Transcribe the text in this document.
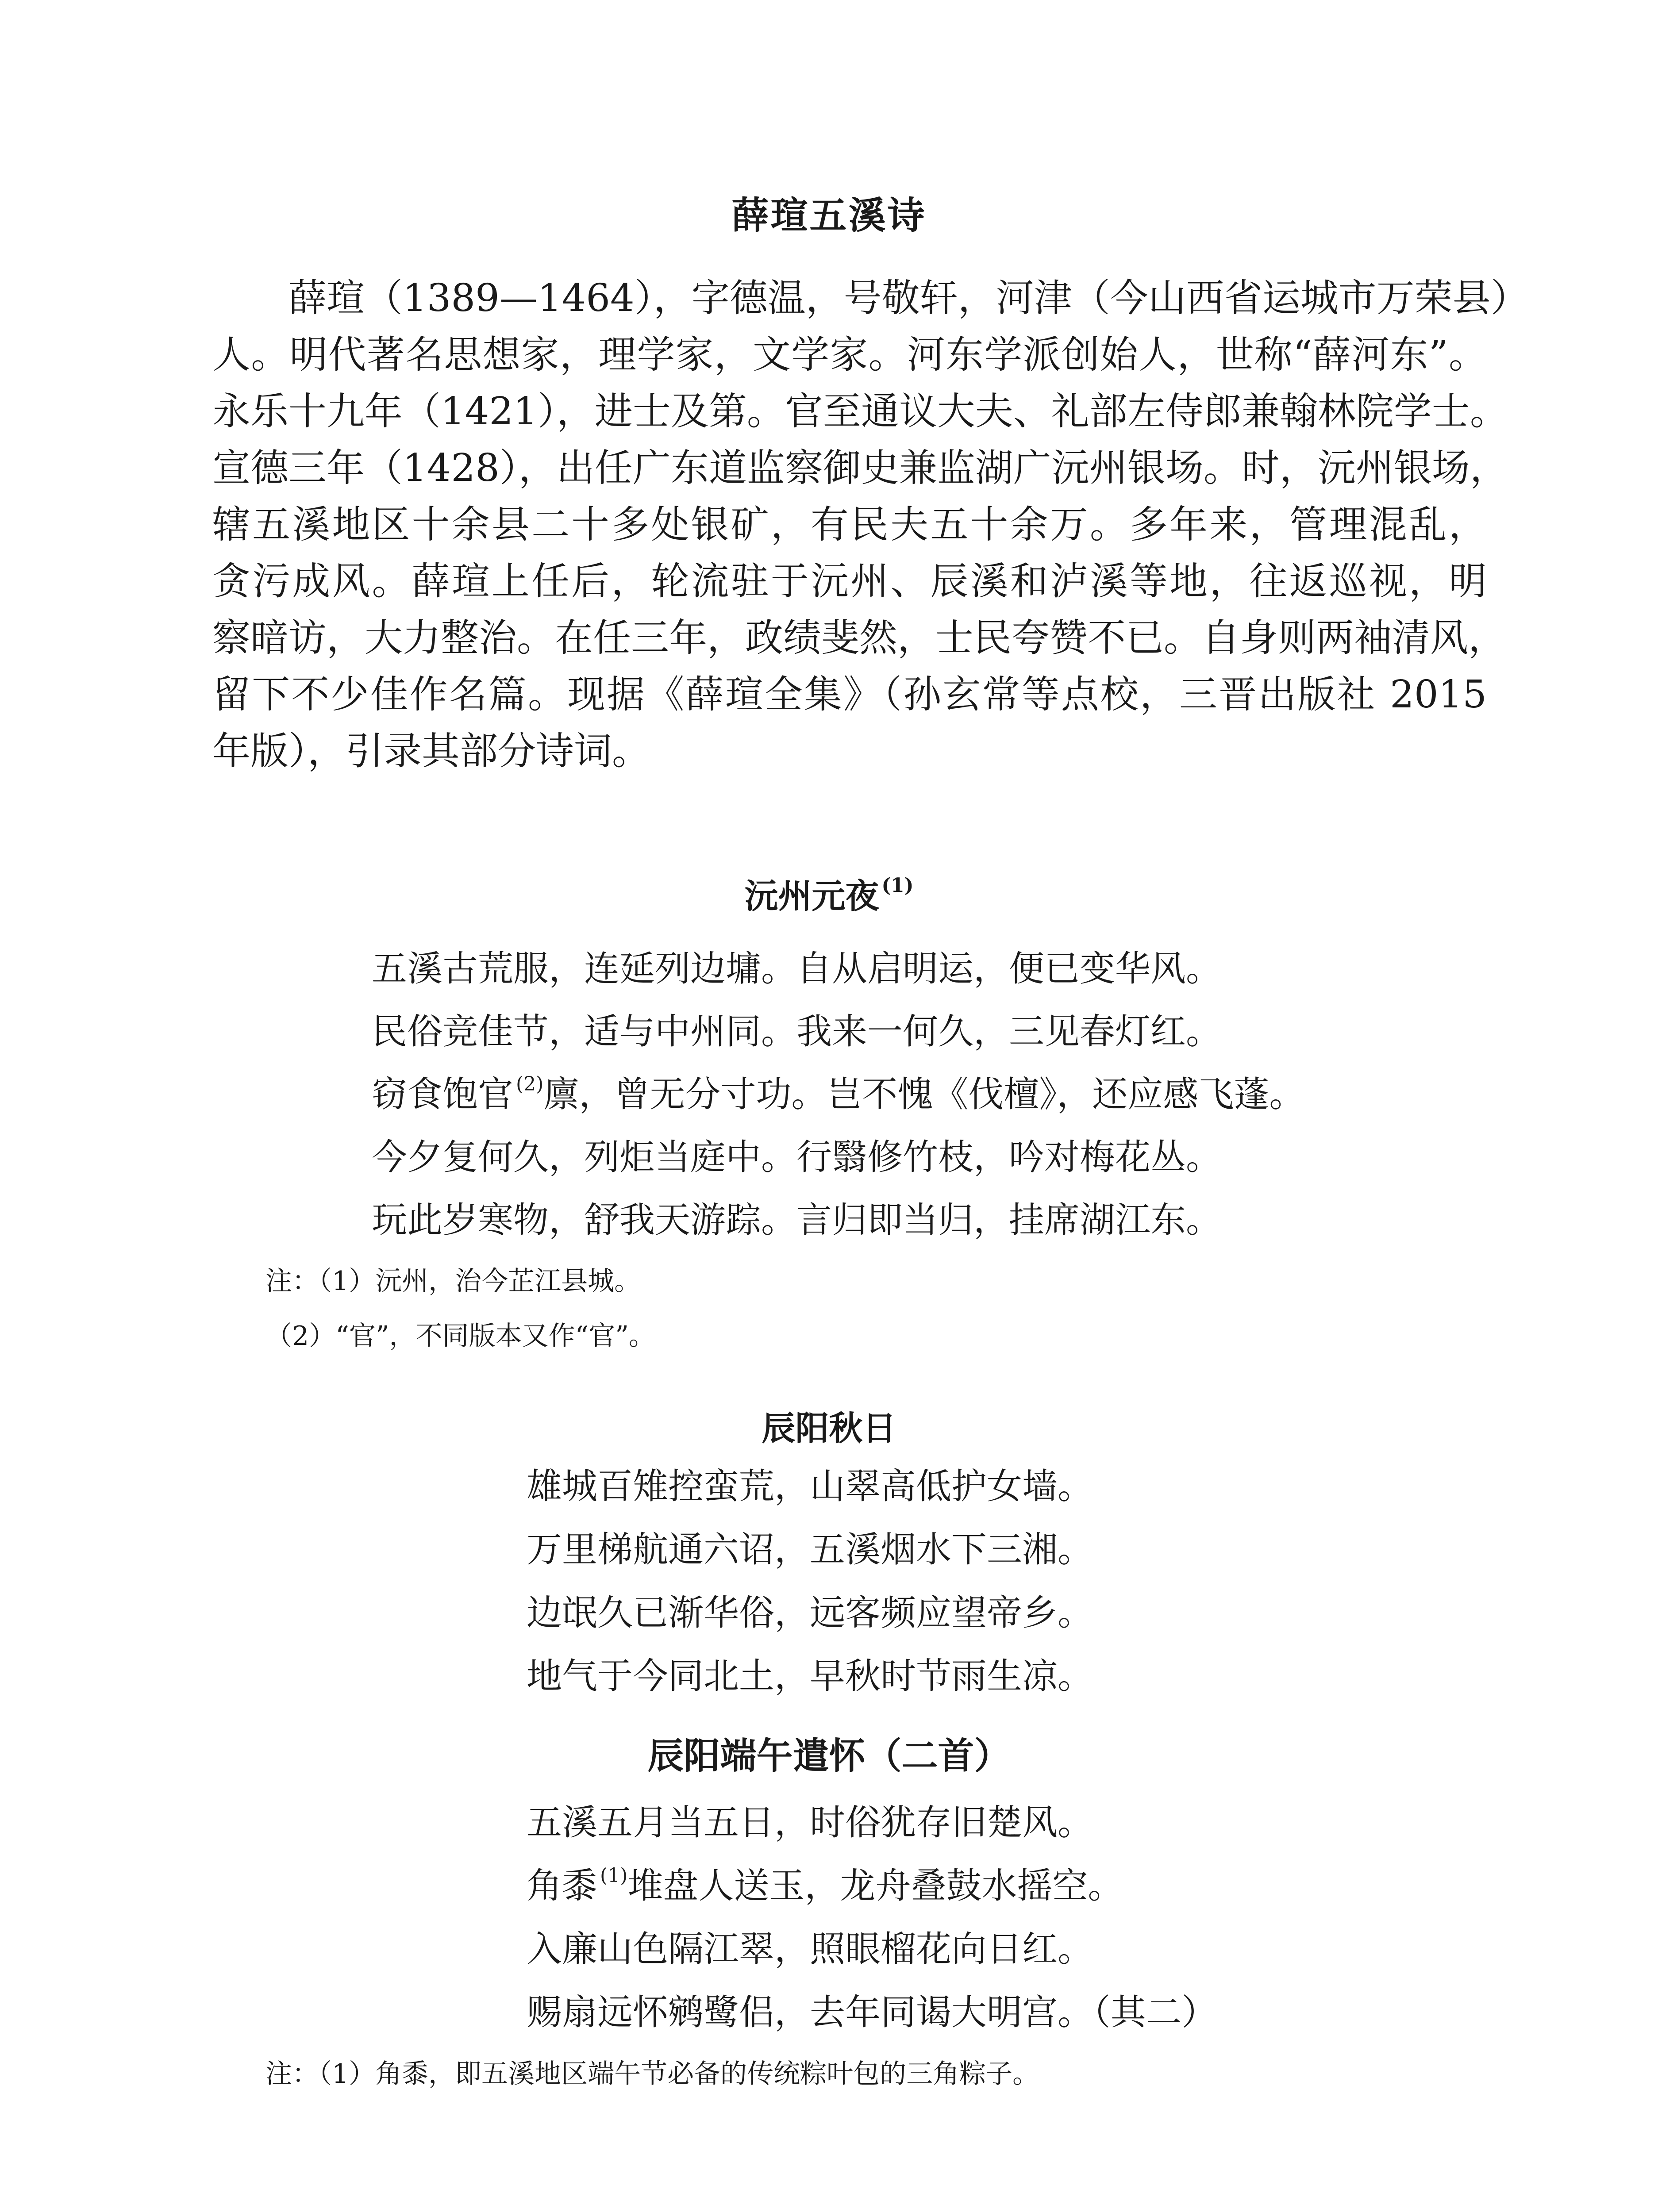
薛瑄五溪诗

薛瑄（1389—1464），字德温，号敬轩，河津（今山西省运城市万荣县）

人。明代著名思想家，理学家，文学家。河东学派创始人，世称“薛河东”。

永乐十九年（1421），进士及第。官至通议大夫、礼部左侍郎兼翰林院学士。

宣德三年（1428），出任广东道监察御史兼监湖广沅州银场。时，沅州银场，

辖五溪地区十余县二十多处银矿，有民夫五十余万。多年来，管理混乱，

贪污成风。薛瑄上任后，轮流驻于沅州、辰溪和泸溪等地，往返巡视，明

察暗访，大力整治。在任三年，政绩斐然，士民夸赞不已。自身则两袖清风，

留下不少佳作名篇。现据《薛瑄全集》（孙玄常等点校，三晋出版社 2015

年版），引录其部分诗词。

沅州元夜 $^{(1)}$
五溪古荒服，连延列边墉。自从启明运，便已变华风。
民俗竞佳节，适与中州同。我来一何久，三见春灯红。
窃食饱官 $^{(2)}$廪，曾无分寸功。岂不愧《伐檀》，还应感飞蓬。
今夕复何久，列炬当庭中。行翳修竹枝，吟对梅花丛。
玩此岁寒物，舒我天游踪。言归即当归，挂席湖江东。
注：（1）沅州，治今芷江县城。
（2）“官”，不同版本又作“官”。
辰阳秋日
雄城百雉控蛮荒，山翠高低护女墙。
万里梯航通六诏，五溪烟水下三湘。
边氓久已渐华俗，远客频应望帝乡。
地气于今同北土，早秋时节雨生凉。
辰阳端午遣怀（二首）
五溪五月当五日，时俗犹存旧楚风。
角黍 $^{(1)}$堆盘人送玉，龙舟叠鼓水摇空。
入廉山色隔江翠，照眼榴花向日红。
赐扇远怀鹓鹭侣，去年同谒大明宫。（其二）
注：（1）角黍，即五溪地区端午节必备的传统粽叶包的三角粽子。
